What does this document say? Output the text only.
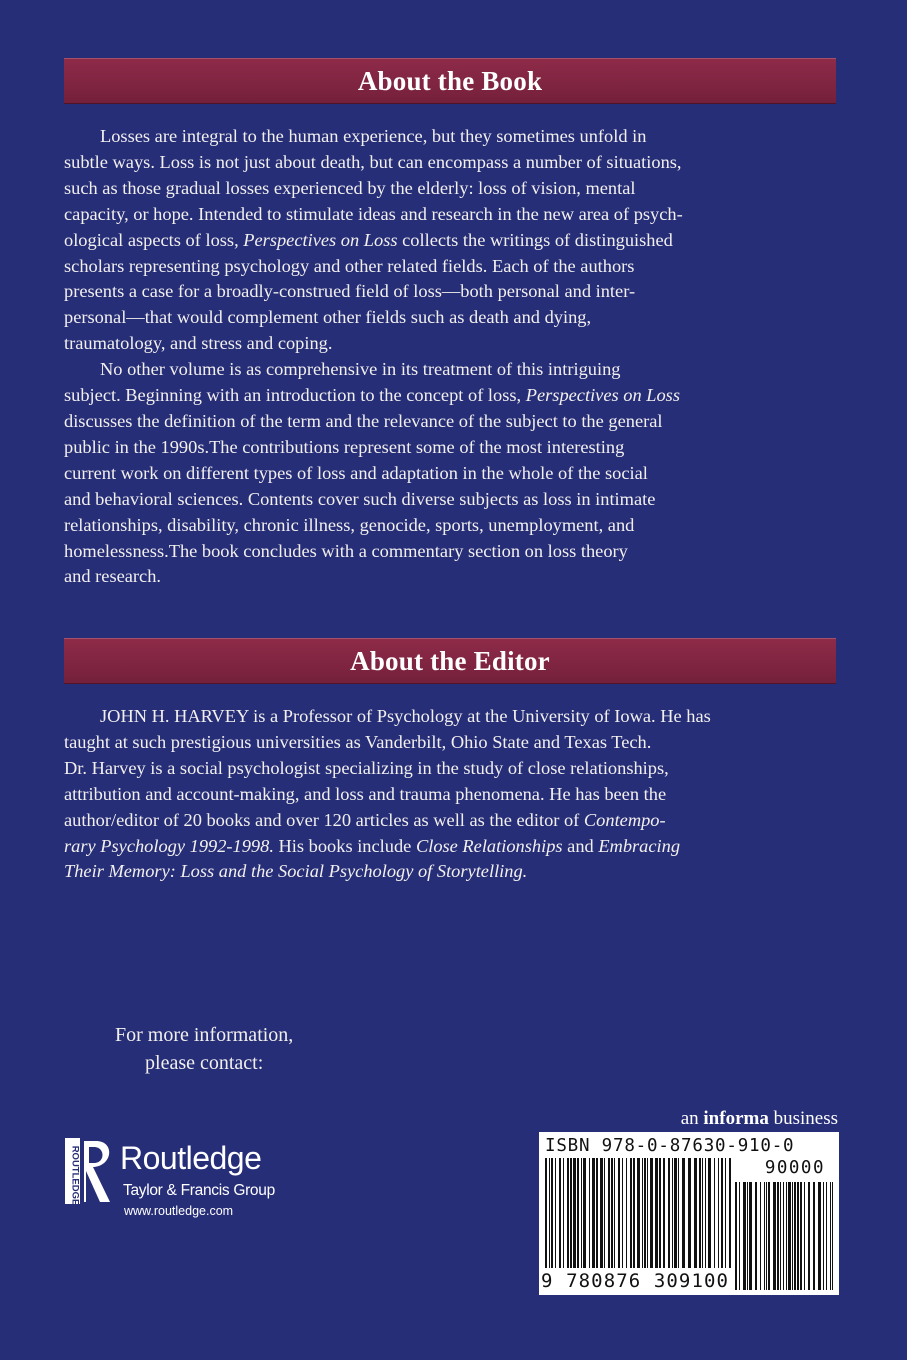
About the Book

Losses are integral to the human experience, but they sometimes unfold in
subtle ways. Loss is not just about death, but can encompass a number of situations,
such as those gradual losses experienced by the elderly: loss of vision, mental
capacity, or hope. Intended to stimulate ideas and research in the new area of psych-
ological aspects of loss, Perspectives on Loss collects the writings of distinguished
scholars representing psychology and other related fields. Each of the authors
presents a case for a broadly-construed field of loss—both personal and inter-
personal—that would complement other fields such as death and dying,
traumatology, and stress and coping.

No other volume is as comprehensive in its treatment of this intriguing
subject. Beginning with an introduction to the concept of loss, Perspectives on Loss
discusses the definition of the term and the relevance of the subject to the general
public in the 1990s.The contributions represent some of the most interesting
current work on different types of loss and adaptation in the whole of the social
and behavioral sciences. Contents cover such diverse subjects as loss in intimate
relationships, disability, chronic illness, genocide, sports, unemployment, and
homelessness.The book concludes with a commentary section on loss theory
and research.

About the Editor

JOHN H. HARVEY is a Professor of Psychology at the University of Iowa. He has
taught at such prestigious universities as Vanderbilt, Ohio State and Texas Tech.
Dr. Harvey is a social psychologist specializing in the study of close relationships,
attribution and account-making, and loss and trauma phenomena. He has been the
author/editor of 20 books and over 120 articles as well as the editor of Contempo-
rary Psychology 1992-1998. His books include Close Relationships and Embracing
Their Memory: Loss and the Social Psychology of Storytelling.

For more information,
please contact:
ROUTLEDGE Routledge
Taylor & Francis Group
www.routledge.com
an informa business
ISBN 978-0-87630-910-0
90000
9 780876 309100
